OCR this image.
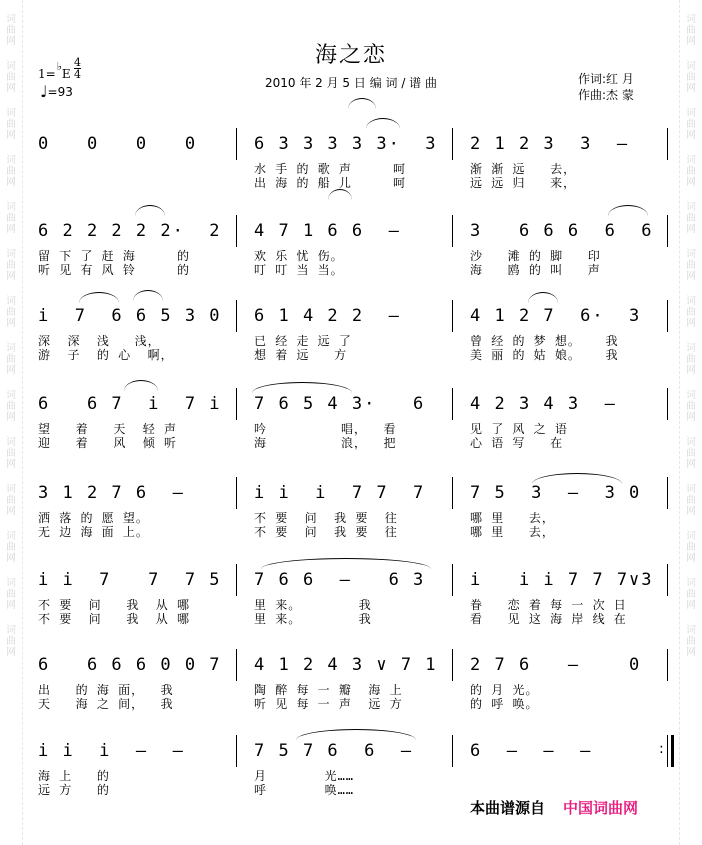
词
曲
网
词
曲
网
词
曲
网
词
曲
网
词
曲
网
词
曲
网
词
曲
网
词
曲
网
词
曲
网
词
曲
网
词
曲
网
词
曲
网
词
曲
网
词
曲
网
词
曲
网
词
曲
网
词
曲
网
词
曲
网
词
曲
网
词
曲
网
词
曲
网
词
曲
网
词
曲
网
词
曲
网
词
曲
网
词
曲
网
词
曲
网
词
曲
网
1=♭E $\frac{4}{4}$
♩=93
海之恋
2010 年 2 月 5 日 编 词 / 谱 曲	作词:红 月
作曲:杰 蒙
0   0   0   0	6 3 3 3 3 3·  3
水 手 的 歌 声     呵
出 海 的 船 儿     呵
2 1 2 3  3  –
渐 渐 远   去，
远 远 归   来，
6 2 2 2 2 2·  2
留 下 了 赶 海     的
听 见 有 风 铃     的
4 7 1 6 6  –
欢 乐 忧 伤。
叮 叮 当 当。
3   6 6 6  6  6
沙   滩 的 脚   印
海   鸥 的 叫   声
i  7  6 6 5 3 0
深  深  浅   浅，
游  子  的 心  啊，
6 1 4 2 2  –
已 经 走 远 了
想 着 远   方
4 1 2 7  6·  3
曾 经 的 梦 想。   我
美 丽 的 姑 娘。   我
6   6 7  i  7 i
望   着   天  轻 声
迎   着   风  倾 听
7 6 5 4 3·   6
吟         唱，  看
海         浪，  把
4 2 3 4 3  –
见 了 风 之 语
心 语 写   在
3 1 2 7 6  –
洒 落 的 愿 望。
无 边 海 面 上。
i i  i  7 7  7
不 要  问  我 要  往
不 要  问  我 要  往
7 5  3  –  3 0
哪 里   去，
哪 里   去，
i i  7   7  7 5
不 要  问   我  从 哪
不 要  问   我  从 哪
7 6 6  –   6 3
里 来。       我
里 来。       我
i   i i 7 7 7∨3
眷   恋 着 每 一 次 日
看   见 这 海 岸 线 在
6   6 6 6 0 0 7
出   的 海 面，  我
天   海 之 间，  我
4 1 2 4 3 ∨ 7 1
陶 醉 每 一 瓣  海 上
听 见 每 一 声  远 方
2 7 6   –    0
的 月 光。
的 呼 唤。
i i  i  –  –
海 上   的
远 方   的
7 5 7 6  6  –
月       光……
呼       唤……
6  –  –  –
:
本曲谱源自 中国词曲网
